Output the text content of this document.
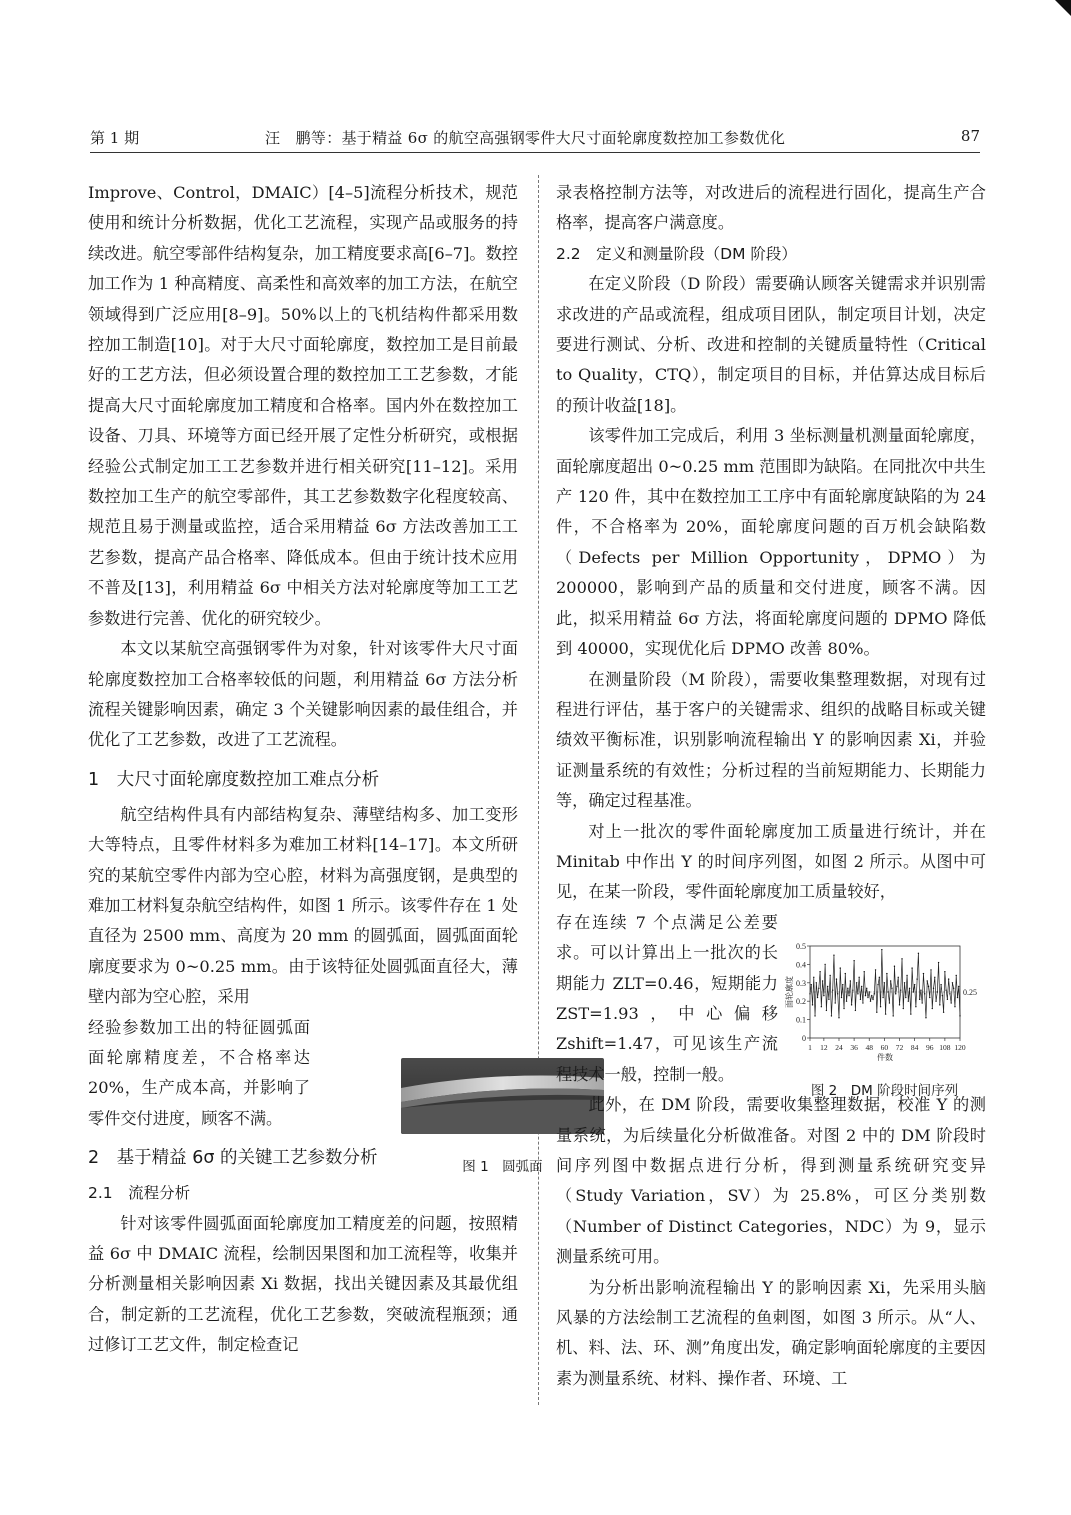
第 1 期	汪　鹏等：基于精益 6σ 的航空高强钢零件大尺寸面轮廓度数控加工参数优化	87

Improve、Control，DMAIC）[4–5]流程分析技术，规范使用和统计分析数据，优化工艺流程，实现产品或服务的持续改进。航空零部件结构复杂，加工精度要求高[6–7]。数控加工作为 1 种高精度、高柔性和高效率的加工方法，在航空领域得到广泛应用[8–9]。50%以上的飞机结构件都采用数控加工制造[10]。对于大尺寸面轮廓度，数控加工是目前最好的工艺方法，但必须设置合理的数控加工工艺参数，才能提高大尺寸面轮廓度加工精度和合格率。国内外在数控加工设备、刀具、环境等方面已经开展了定性分析研究，或根据经验公式制定加工工艺参数并进行相关研究[11–12]。采用数控加工生产的航空零部件，其工艺参数数字化程度较高、规范且易于测量或监控，适合采用精益 6σ 方法改善加工工艺参数，提高产品合格率、降低成本。但由于统计技术应用不普及[13]，利用精益 6σ 中相关方法对轮廓度等加工工艺参数进行完善、优化的研究较少。

本文以某航空高强钢零件为对象，针对该零件大尺寸面轮廓度数控加工合格率较低的问题，利用精益 6σ 方法分析流程关键影响因素，确定 3 个关键影响因素的最佳组合，并优化了工艺参数，改进了工艺流程。

1　大尺寸面轮廓度数控加工难点分析

航空结构件具有内部结构复杂、薄壁结构多、加工变形大等特点，且零件材料多为难加工材料[14–17]。本文所研究的某航空零件内部为空心腔，材料为高强度钢，是典型的难加工材料复杂航空结构件，如图 1 所示。该零件存在 1 处直径为 2500 mm、高度为 20 mm 的圆弧面，圆弧面面轮廓度要求为 0~0.25 mm。由于该特征处圆弧面直径大，薄壁内部为空心腔，采用

经验参数加工出的特征圆弧面面轮廓精度差，不合格率达 20%，生产成本高，并影响了零件交付进度，顾客不满。

2　基于精益 6σ 的关键工艺参数分析
2.1　流程分析

针对该零件圆弧面面轮廓度加工精度差的问题，按照精益 6σ 中 DMAIC 流程，绘制因果图和加工流程等，收集并分析测量相关影响因素 Xi 数据，找出关键因素及其最优组合，制定新的工艺流程，优化工艺参数，突破流程瓶颈；通过修订工艺文件，制定检查记

图 1　圆弧面

录表格控制方法等，对改进后的流程进行固化，提高生产合格率，提高客户满意度。

2.2　定义和测量阶段（DM 阶段）

在定义阶段（D 阶段）需要确认顾客关键需求并识别需求改进的产品或流程，组成项目团队，制定项目计划，决定要进行测试、分析、改进和控制的关键质量特性（Critical to Quality，CTQ），制定项目的目标，并估算达成目标后的预计收益[18]。

该零件加工完成后，利用 3 坐标测量机测量面轮廓度，面轮廓度超出 0~0.25 mm 范围即为缺陷。在同批次中共生产 120 件，其中在数控加工工序中有面轮廓度缺陷的为 24 件，不合格率为 20%，面轮廓度问题的百万机会缺陷数（Defects per Million Opportunity，DPMO）为 200000，影响到产品的质量和交付进度，顾客不满。因此，拟采用精益 6σ 方法，将面轮廓度问题的 DPMO 降低到 40000，实现优化后 DPMO 改善 80%。

在测量阶段（M 阶段），需要收集整理数据，对现有过程进行评估，基于客户的关键需求、组织的战略目标或关键绩效平衡标准，识别影响流程输出 Y 的影响因素 Xi，并验证测量系统的有效性；分析过程的当前短期能力、长期能力等，确定过程基准。

对上一批次的零件面轮廓度加工质量进行统计，并在 Minitab 中作出 Y 的时间序列图，如图 2 所示。从图中可见，在某一阶段，零件面轮廓度加工质量较好，

存在连续 7 个点满足公差要求。可以计算出上一批次的长期能力 ZLT=0.46，短期能力 ZST=1.93，中心偏移 Zshift=1.47，可见该生产流程技术一般，控制一般。

此外，在 DM 阶段，需要收集整理数据，校准 Y 的测量系统，为后续量化分析做准备。对图 2 中的 DM 阶段时间序列图中数据点进行分析，得到测量系统研究变异（Study Variation，SV）为 25.8%，可区分类别数（Number of Distinct Categories，NDC）为 9，显示测量系统可用。

为分析出影响流程输出 Y 的影响因素 Xi，先采用头脑风暴的方法绘制工艺流程的鱼刺图，如图 3 所示。从“人、机、料、法、环、测”角度出发，确定影响面轮廓度的主要因素为测量系统、材料、操作者、环境、工

0
0.1
0.2
0.3
0.4
0.5
1 12 24 36 48 60 72 84 96 108 120
件数
面轮廓度	0.25
图 2　DM 阶段时间序列
